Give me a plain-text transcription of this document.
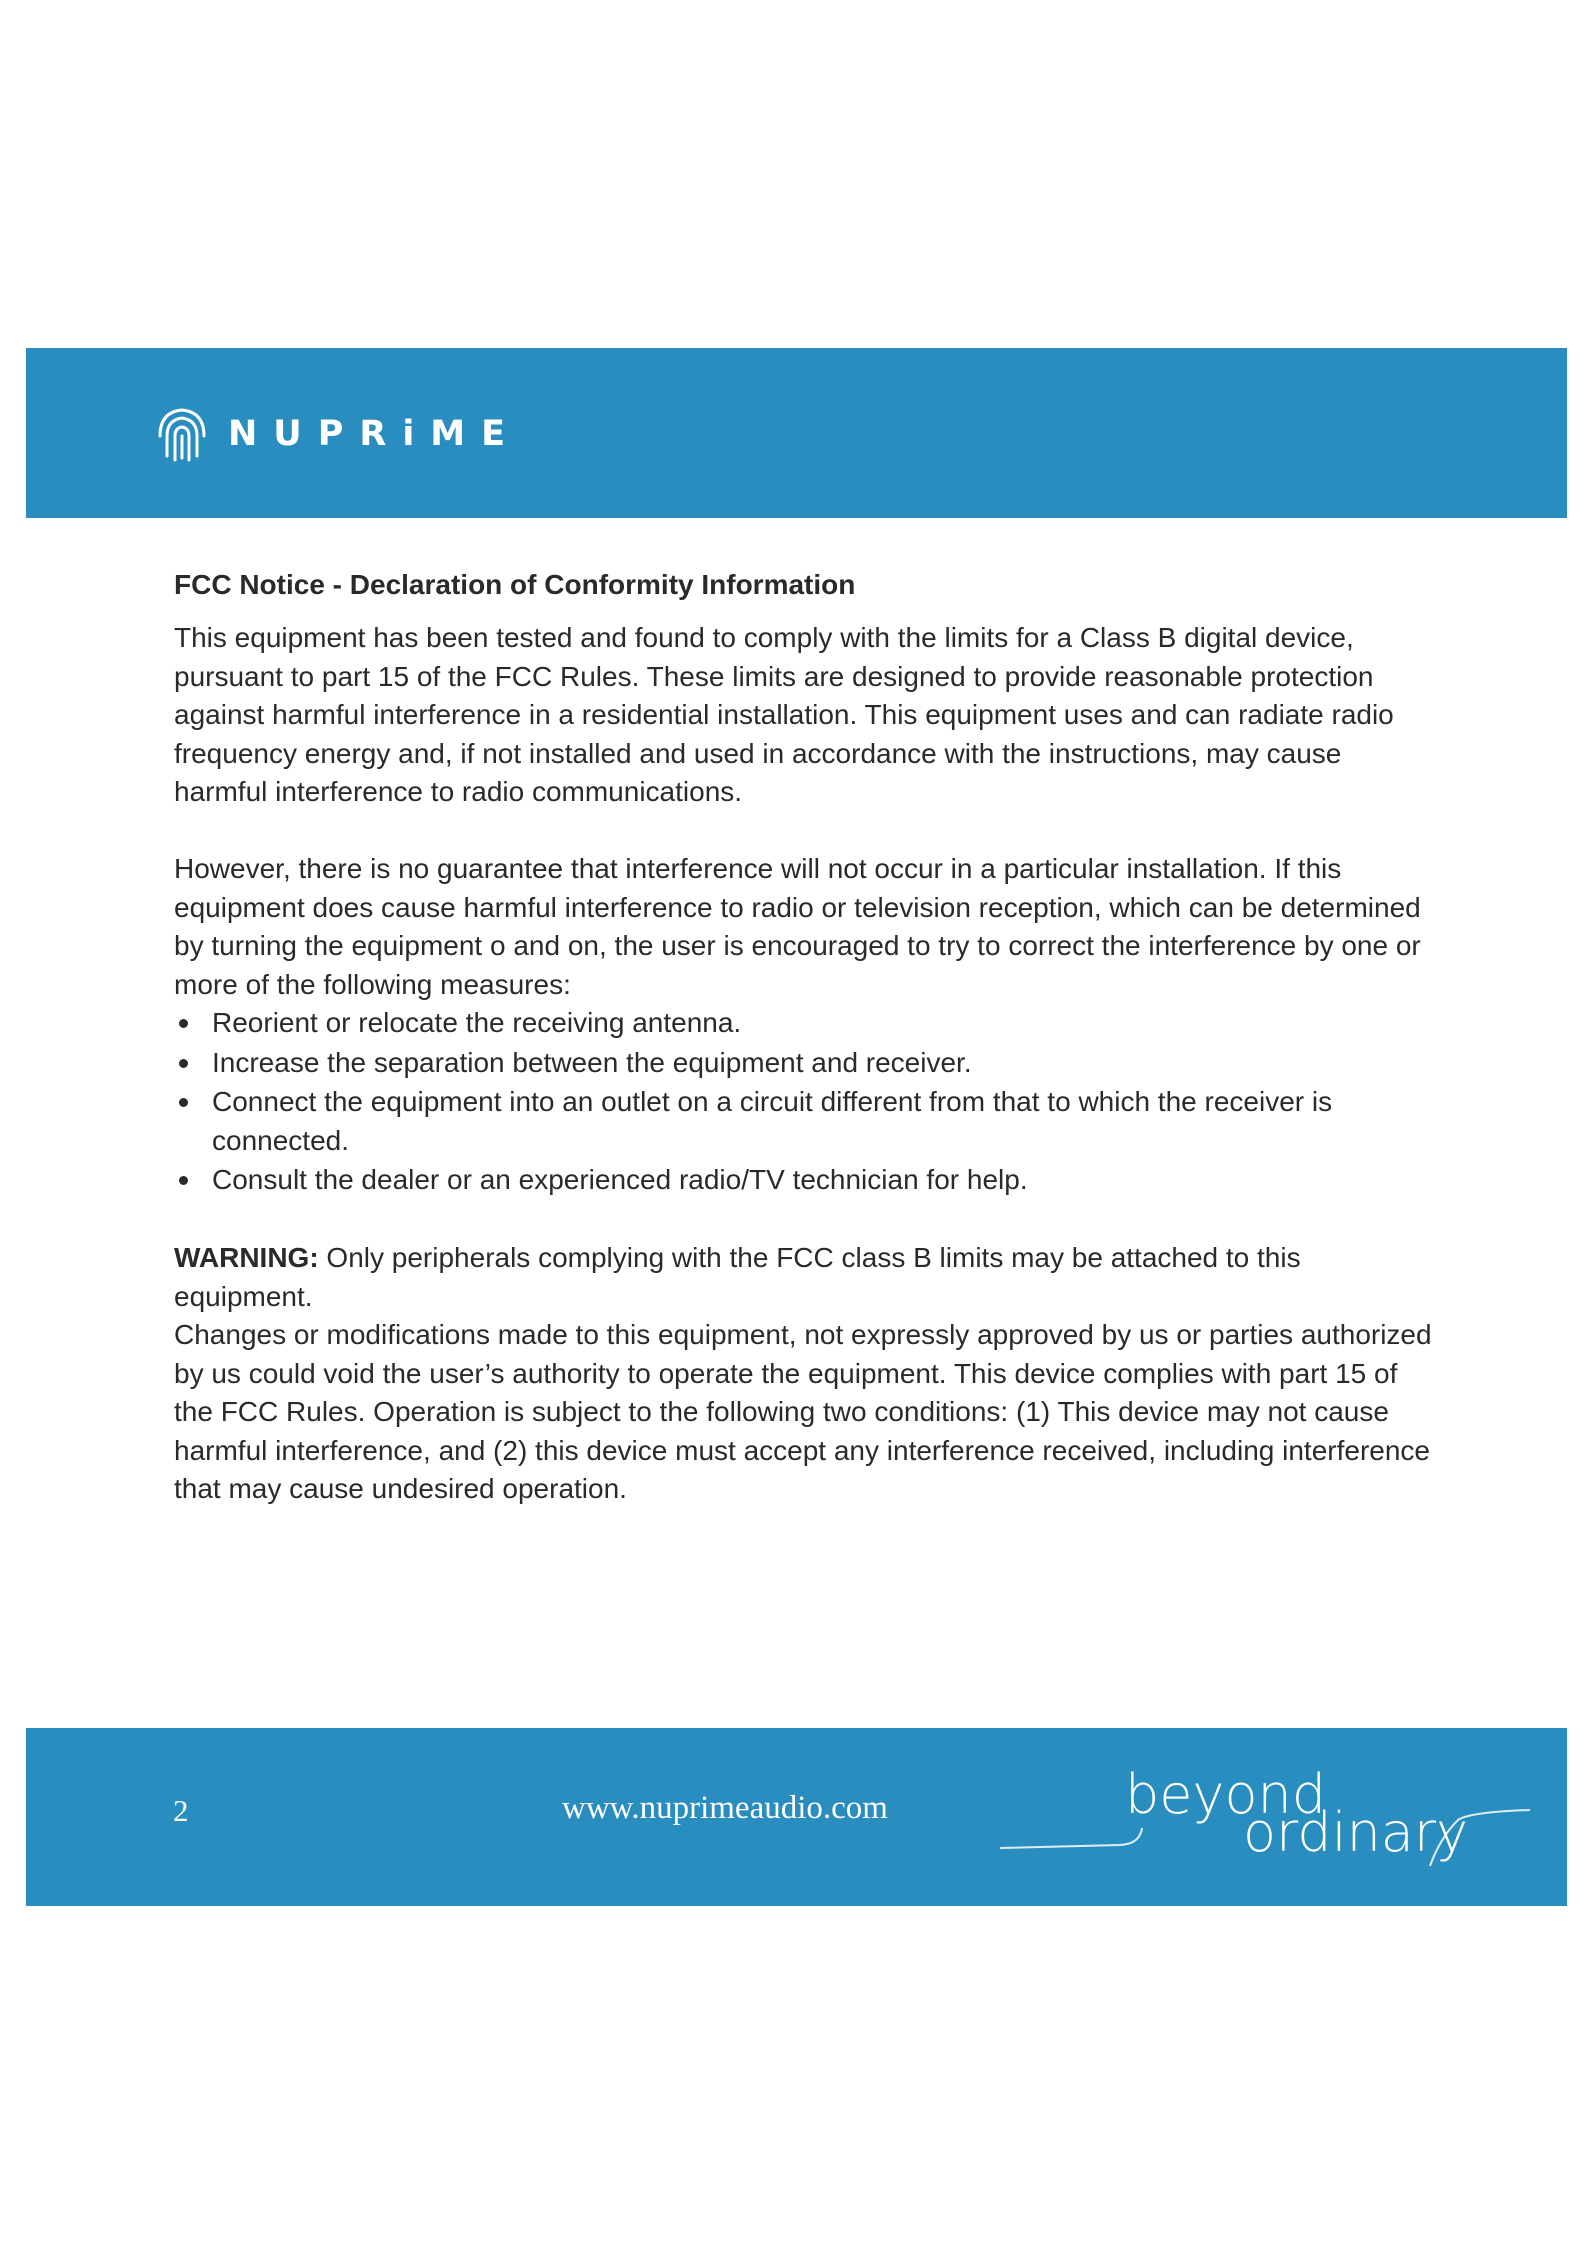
NUPRiME
FCC Notice - Declaration of Conformity Information

This equipment has been tested and found to comply with the limits for a Class B digital device, pursuant to part 15 of the FCC Rules. These limits are designed to provide reasonable protection against harmful interference in a residential installation. This equipment uses and can radiate radio frequency energy and, if not installed and used in accordance with the instructions, may cause harmful interference to radio communications.

However, there is no guarantee that interference will not occur in a particular installation. If this equipment does cause harmful interference to radio or television reception, which can be determined by turning the equipment o and on, the user is encouraged to try to correct the interference by one or more of the following measures:

Reorient or relocate the receiving antenna.
Increase the separation between the equipment and receiver.
Connect the equipment into an outlet on a circuit different from that to which the receiver is connected.
Consult the dealer or an experienced radio/TV technician for help.

WARNING: Only peripherals complying with the FCC class B limits may be attached to this equipment.

Changes or modifications made to this equipment, not expressly approved by us or parties authorized by us could void the user’s authority to operate the equipment. This device complies with part 15 of the FCC Rules. Operation is subject to the following two conditions: (1) This device may not cause harmful interference, and (2) this device must accept any interference received, including interference that may cause undesired operation.

2	www.nuprimeaudio.com	beyond
ordinary
